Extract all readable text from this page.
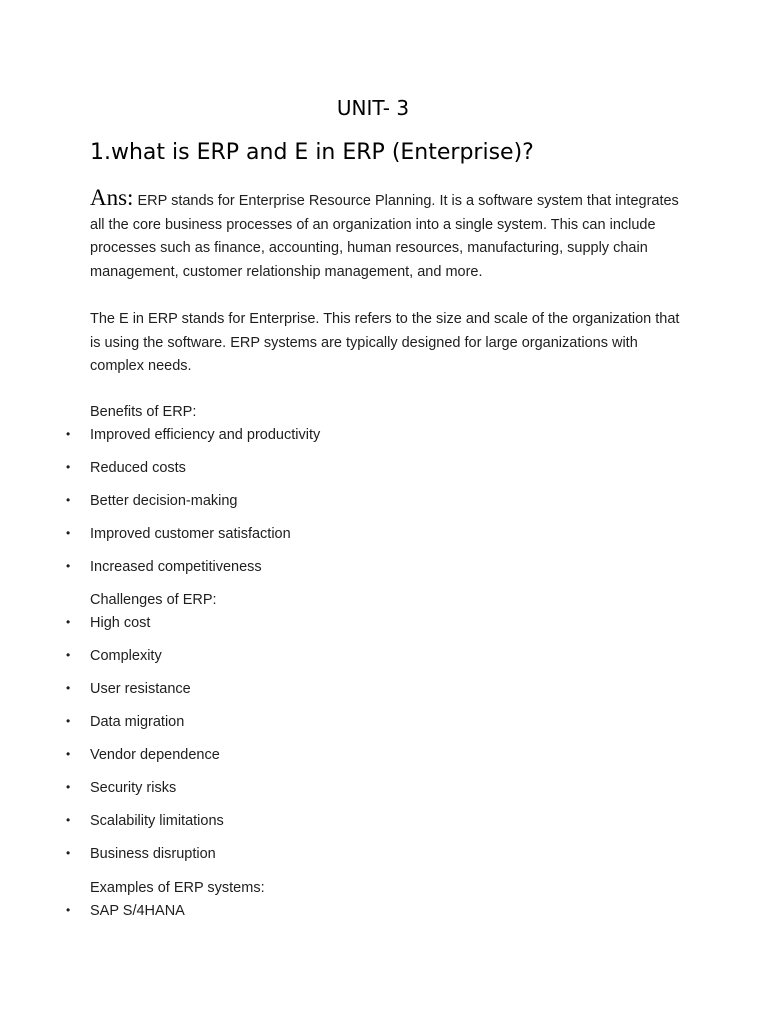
UNIT- 3
1.what is ERP and E in ERP (Enterprise)?

Ans: ERP stands for Enterprise Resource Planning. It is a software system that integrates all the core business processes of an organization into a single system. This can include processes such as finance, accounting, human resources, manufacturing, supply chain management, customer relationship management, and more.

The E in ERP stands for Enterprise. This refers to the size and scale of the organization that is using the software. ERP systems are typically designed for large organizations with complex needs.

Benefits of ERP:
• Improved efficiency and productivity
• Reduced costs
• Better decision-making
• Improved customer satisfaction
• Increased competitiveness
Challenges of ERP:
• High cost
• Complexity
• User resistance
• Data migration
• Vendor dependence
• Security risks
• Scalability limitations
• Business disruption
Examples of ERP systems:
• SAP S/4HANA
